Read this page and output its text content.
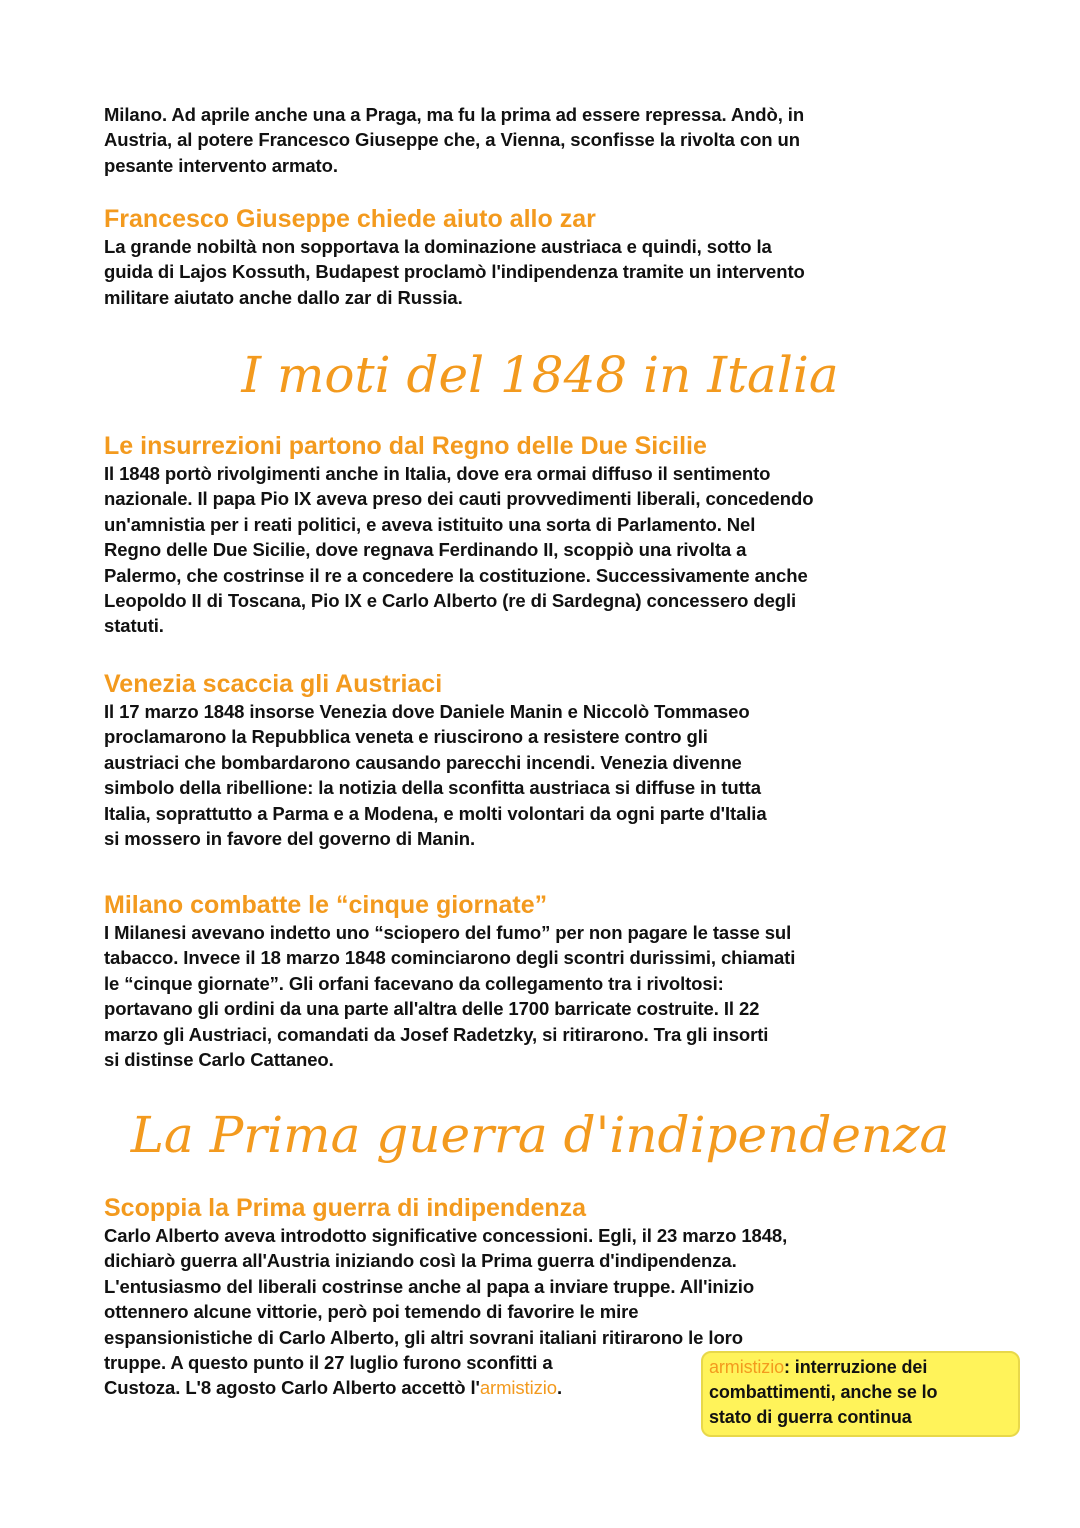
Milano. Ad aprile anche una a Praga, ma fu la prima ad essere repressa. Andò, in
Austria, al potere Francesco Giuseppe che, a Vienna, sconfisse la rivolta con un
pesante intervento armato.
Francesco Giuseppe chiede aiuto allo zar
La grande nobiltà non sopportava la dominazione austriaca e quindi, sotto la
guida di Lajos Kossuth, Budapest proclamò l'indipendenza tramite un intervento
militare aiutato anche dallo zar di Russia.
I moti del 1848 in Italia
Le insurrezioni partono dal Regno delle Due Sicilie
Il 1848 portò rivolgimenti anche in Italia, dove era ormai diffuso il sentimento
nazionale. Il papa Pio IX aveva preso dei cauti provvedimenti liberali, concedendo
un'amnistia per i reati politici, e aveva istituito una sorta di Parlamento. Nel
Regno delle Due Sicilie, dove regnava Ferdinando II, scoppiò una rivolta a
Palermo, che costrinse il re a concedere la costituzione. Successivamente anche
Leopoldo II di Toscana, Pio IX e Carlo Alberto (re di Sardegna) concessero degli
statuti.
Venezia scaccia gli Austriaci
Il 17 marzo 1848 insorse Venezia dove Daniele Manin e Niccolò Tommaseo
proclamarono la Repubblica veneta e riuscirono a resistere contro gli
austriaci che bombardarono causando parecchi incendi. Venezia divenne
simbolo della ribellione: la notizia della sconfitta austriaca si diffuse in tutta
Italia, soprattutto a Parma e a Modena, e molti volontari da ogni parte d'Italia
si mossero in favore del governo di Manin.
Milano combatte le “cinque giornate”
I Milanesi avevano indetto uno “sciopero del fumo” per non pagare le tasse sul
tabacco. Invece il 18 marzo 1848 cominciarono degli scontri durissimi, chiamati
le “cinque giornate”. Gli orfani facevano da collegamento tra i rivoltosi:
portavano gli ordini da una parte all'altra delle 1700 barricate costruite. Il 22
marzo gli Austriaci, comandati da Josef Radetzky, si ritirarono. Tra gli insorti
si distinse Carlo Cattaneo.
La Prima guerra d'indipendenza
Scoppia la Prima guerra di indipendenza
Carlo Alberto aveva introdotto significative concessioni. Egli, il 23 marzo 1848,
dichiarò guerra all'Austria iniziando così la Prima guerra d'indipendenza.
L'entusiasmo del liberali costrinse anche al papa a inviare truppe. All'inizio
ottennero alcune vittorie, però poi temendo di favorire le mire
espansionistiche di Carlo Alberto, gli altri sovrani italiani ritirarono le loro
truppe. A questo punto il 27 luglio furono sconfitti a
Custoza. L'8 agosto Carlo Alberto accettò l'armistizio.
armistizio: interruzione dei
combattimenti, anche se lo
stato di guerra continua
